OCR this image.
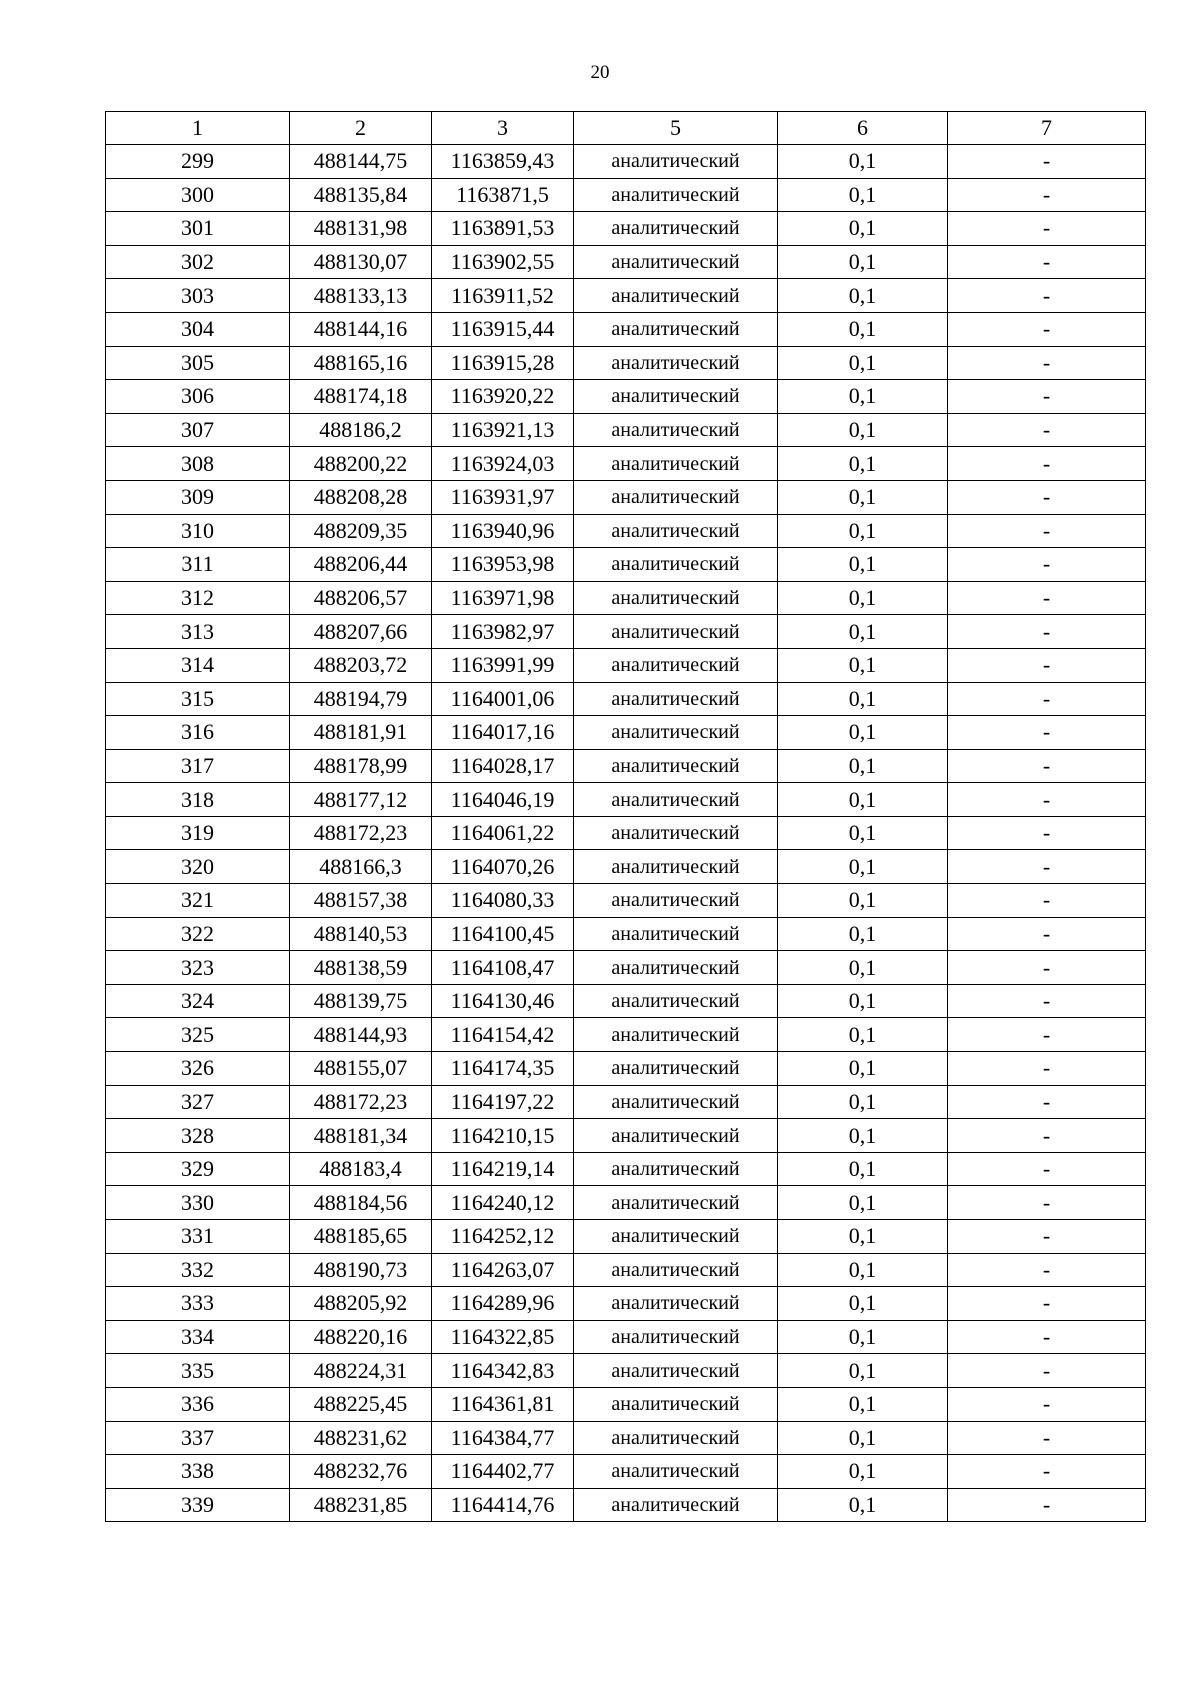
20
1	2	3	5	6	7
299	488144,75	1163859,43	аналитический	0,1	-
300	488135,84	1163871,5	аналитический	0,1	-
301	488131,98	1163891,53	аналитический	0,1	-
302	488130,07	1163902,55	аналитический	0,1	-
303	488133,13	1163911,52	аналитический	0,1	-
304	488144,16	1163915,44	аналитический	0,1	-
305	488165,16	1163915,28	аналитический	0,1	-
306	488174,18	1163920,22	аналитический	0,1	-
307	488186,2	1163921,13	аналитический	0,1	-
308	488200,22	1163924,03	аналитический	0,1	-
309	488208,28	1163931,97	аналитический	0,1	-
310	488209,35	1163940,96	аналитический	0,1	-
311	488206,44	1163953,98	аналитический	0,1	-
312	488206,57	1163971,98	аналитический	0,1	-
313	488207,66	1163982,97	аналитический	0,1	-
314	488203,72	1163991,99	аналитический	0,1	-
315	488194,79	1164001,06	аналитический	0,1	-
316	488181,91	1164017,16	аналитический	0,1	-
317	488178,99	1164028,17	аналитический	0,1	-
318	488177,12	1164046,19	аналитический	0,1	-
319	488172,23	1164061,22	аналитический	0,1	-
320	488166,3	1164070,26	аналитический	0,1	-
321	488157,38	1164080,33	аналитический	0,1	-
322	488140,53	1164100,45	аналитический	0,1	-
323	488138,59	1164108,47	аналитический	0,1	-
324	488139,75	1164130,46	аналитический	0,1	-
325	488144,93	1164154,42	аналитический	0,1	-
326	488155,07	1164174,35	аналитический	0,1	-
327	488172,23	1164197,22	аналитический	0,1	-
328	488181,34	1164210,15	аналитический	0,1	-
329	488183,4	1164219,14	аналитический	0,1	-
330	488184,56	1164240,12	аналитический	0,1	-
331	488185,65	1164252,12	аналитический	0,1	-
332	488190,73	1164263,07	аналитический	0,1	-
333	488205,92	1164289,96	аналитический	0,1	-
334	488220,16	1164322,85	аналитический	0,1	-
335	488224,31	1164342,83	аналитический	0,1	-
336	488225,45	1164361,81	аналитический	0,1	-
337	488231,62	1164384,77	аналитический	0,1	-
338	488232,76	1164402,77	аналитический	0,1	-
339	488231,85	1164414,76	аналитический	0,1	-
